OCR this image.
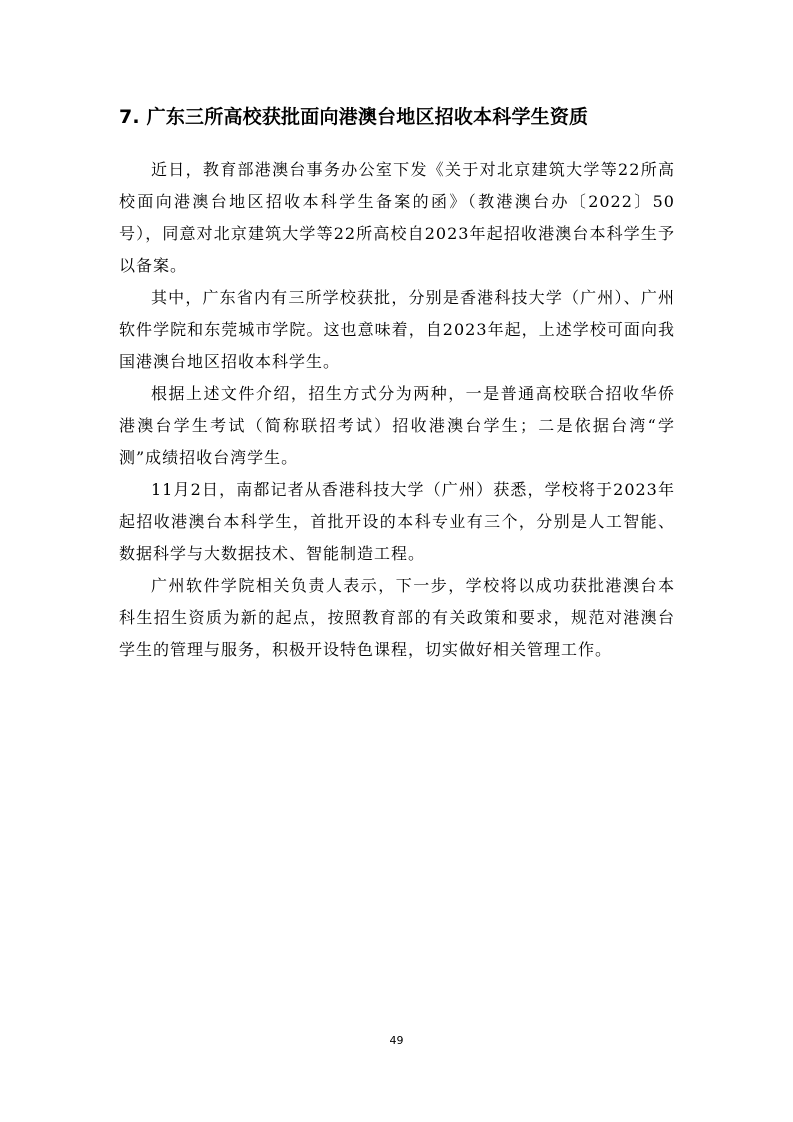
7. 广东三所高校获批面向港澳台地区招收本科学生资质

近日，教育部港澳台事务办公室下发《关于对北京建筑大学等22所高校面向港澳台地区招收本科学生备案的函》（教港澳台办〔2022〕50号），同意对北京建筑大学等22所高校自2023年起招收港澳台本科学生予以备案。

其中，广东省内有三所学校获批，分别是香港科技大学（广州）、广州软件学院和东莞城市学院。这也意味着，自2023年起，上述学校可面向我国港澳台地区招收本科学生。

根据上述文件介绍，招生方式分为两种，一是普通高校联合招收华侨港澳台学生考试（简称联招考试）招收港澳台学生；二是依据台湾“学测”成绩招收台湾学生。

11月2日，南都记者从香港科技大学（广州）获悉，学校将于2023年起招收港澳台本科学生，首批开设的本科专业有三个，分别是人工智能、数据科学与大数据技术、智能制造工程。

广州软件学院相关负责人表示，下一步，学校将以成功获批港澳台本科生招生资质为新的起点，按照教育部的有关政策和要求，规范对港澳台学生的管理与服务，积极开设特色课程，切实做好相关管理工作。

49
